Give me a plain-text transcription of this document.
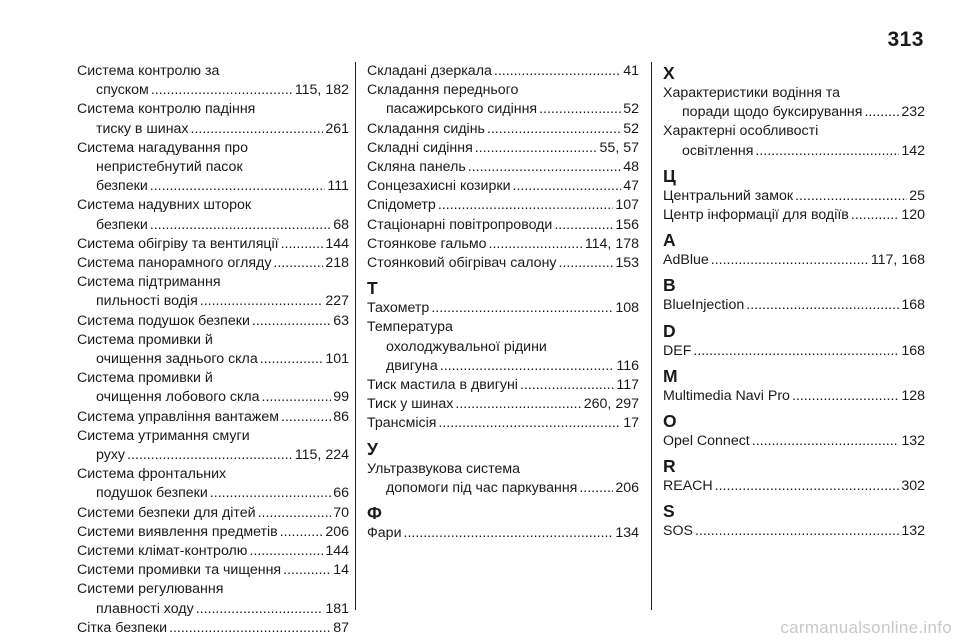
313
Система контролю за
спуском .....	115, 182
Система контролю падіння
тиску в шинах .....	261
Система нагадування про
непристебнутий пасок
безпеки .....	111
Система надувних шторок
безпеки .....	68
Система обігріву та вентиляції .....	144
Система панорамного огляду .....	218
Система підтримання
пильності водія .....	227
Система подушок безпеки .....	63
Система промивки й
очищення заднього скла .....	101
Система промивки й
очищення лобового скла .....	99
Система управління вантажем .....	86
Система утримання смуги
руху .....	115, 224
Система фронтальних
подушок безпеки .....	66
Системи безпеки для дітей .....	70
Системи виявлення предметів .....	206
Системи клімат-контролю .....	144
Системи промивки та чищення .....	14
Системи регулювання
плавності ходу .....	181
Сітка безпеки .....	87
Складані дзеркала .....	41
Складання переднього
пасажирського сидіння .....	52
Складання сидінь .....	52
Складні сидіння .....	55, 57
Скляна панель .....	48
Сонцезахисні козирки .....	47
Спідометр .....	107
Стаціонарні повітропроводи .....	156
Стоянкове гальмо .....	114, 178
Стоянковий обігрівач салону .....	153
Т
Тахометр .....	108
Температура
охолоджувальної рідини
двигуна .....	116
Тиск мастила в двигуні .....	117
Тиск у шинах .....	260, 297
Трансмісія .....	17
У
Ультразвукова система
допомоги під час паркування .....	206
Ф
Фари .....	134
Х
Характеристики водіння та
поради щодо буксирування .....	232
Характерні особливості
освітлення .....	142
Ц
Центральний замок .....	25
Центр інформації для водіїв .....	120
A
AdBlue .....	117, 168
B
BlueInjection .....	168
D
DEF .....	168
M
Multimedia Navi Pro .....	128
O
Opel Connect .....	132
R
REACH .....	302
S
SOS .....	132
carmanualsonline.info
